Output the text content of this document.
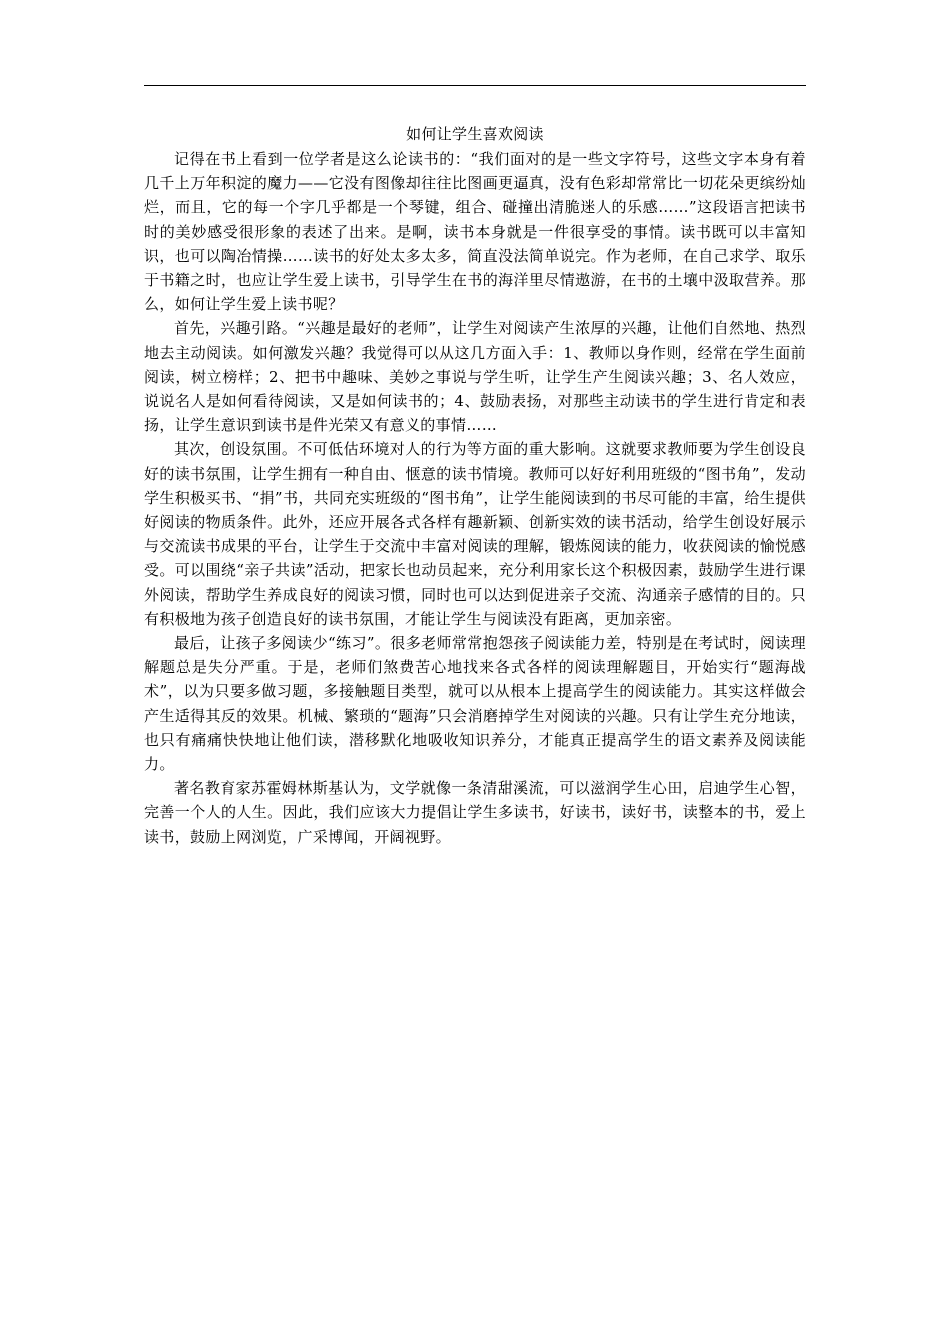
如何让学生喜欢阅读

记得在书上看到一位学者是这么论读书的：“我们面对的是一些文字符号，这些文字本身有着几千上万年积淀的魔力——它没有图像却往往比图画更逼真，没有色彩却常常比一切花朵更缤纷灿烂，而且，它的每一个字几乎都是一个琴键，组合、碰撞出清脆迷人的乐感……”这段语言把读书时的美妙感受很形象的表述了出来。是啊，读书本身就是一件很享受的事情。读书既可以丰富知识，也可以陶冶情操……读书的好处太多太多，简直没法简单说完。作为老师，在自己求学、取乐于书籍之时，也应让学生爱上读书，引导学生在书的海洋里尽情遨游，在书的土壤中汲取营养。那么，如何让学生爱上读书呢？

首先，兴趣引路。“兴趣是最好的老师”，让学生对阅读产生浓厚的兴趣，让他们自然地、热烈地去主动阅读。如何激发兴趣？我觉得可以从这几方面入手：1、教师以身作则，经常在学生面前阅读，树立榜样；2、把书中趣味、美妙之事说与学生听，让学生产生阅读兴趣；3、名人效应，说说名人是如何看待阅读，又是如何读书的；4、鼓励表扬，对那些主动读书的学生进行肯定和表扬，让学生意识到读书是件光荣又有意义的事情……

其次，创设氛围。不可低估环境对人的行为等方面的重大影响。这就要求教师要为学生创设良好的读书氛围，让学生拥有一种自由、惬意的读书情境。教师可以好好利用班级的“图书角”，发动学生积极买书、“捐”书，共同充实班级的“图书角”，让学生能阅读到的书尽可能的丰富，给生提供好阅读的物质条件。此外，还应开展各式各样有趣新颖、创新实效的读书活动，给学生创设好展示与交流读书成果的平台，让学生于交流中丰富对阅读的理解，锻炼阅读的能力，收获阅读的愉悦感受。可以围绕“亲子共读”活动，把家长也动员起来，充分利用家长这个积极因素，鼓励学生进行课外阅读，帮助学生养成良好的阅读习惯，同时也可以达到促进亲子交流、沟通亲子感情的目的。只有积极地为孩子创造良好的读书氛围，才能让学生与阅读没有距离，更加亲密。

最后，让孩子多阅读少“练习”。很多老师常常抱怨孩子阅读能力差，特别是在考试时，阅读理解题总是失分严重。于是，老师们煞费苦心地找来各式各样的阅读理解题目，开始实行“题海战术”，以为只要多做习题，多接触题目类型，就可以从根本上提高学生的阅读能力。其实这样做会产生适得其反的效果。机械、繁琐的“题海”只会消磨掉学生对阅读的兴趣。只有让学生充分地读，也只有痛痛快快地让他们读，潜移默化地吸收知识养分，才能真正提高学生的语文素养及阅读能力。

著名教育家苏霍姆林斯基认为，文学就像一条清甜溪流，可以滋润学生心田，启迪学生心智，完善一个人的人生。因此，我们应该大力提倡让学生多读书，好读书，读好书，读整本的书，爱上读书，鼓励上网浏览，广采博闻，开阔视野。
